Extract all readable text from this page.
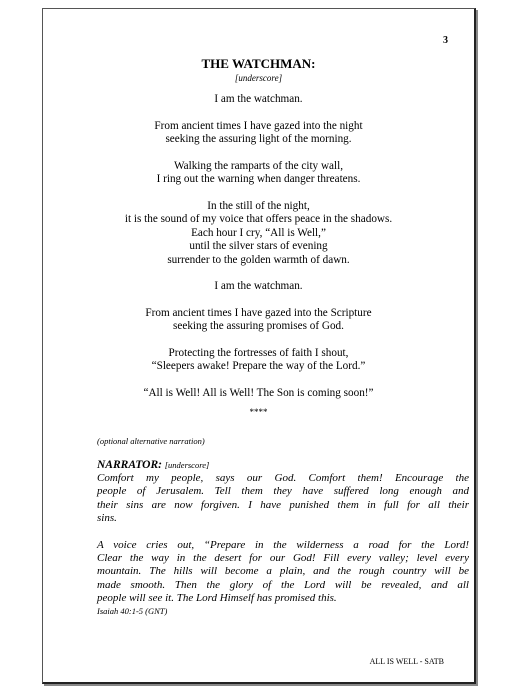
3
THE WATCHMAN:
[underscore]
I am the watchman.
From ancient times I have gazed into the night
seeking the assuring light of the morning.
Walking the ramparts of the city wall,
I ring out the warning when danger threatens.
In the still of the night,
it is the sound of my voice that offers peace in the shadows.
Each hour I cry, “All is Well,”
until the silver stars of evening
surrender to the golden warmth of dawn.
I am the watchman.
From ancient times I have gazed into the Scripture
seeking the assuring promises of God.
Protecting the fortresses of faith I shout,
“Sleepers awake! Prepare the way of the Lord.”
“All is Well! All is Well! The Son is coming soon!”
****
(optional alternative narration)
NARRATOR: [underscore]
Comfort my people, says our God. Comfort them! Encourage the
people of Jerusalem. Tell them they have suffered long enough and
their sins are now forgiven. I have punished them in full for all their
sins.
A voice cries out, “Prepare in the wilderness a road for the Lord!
Clear the way in the desert for our God! Fill every valley; level every
mountain. The hills will become a plain, and the rough country will be
made smooth. Then the glory of the Lord will be revealed, and all
people will see it. The Lord Himself has promised this.
Isaiah 40:1-5 (GNT)
ALL IS WELL - SATB
